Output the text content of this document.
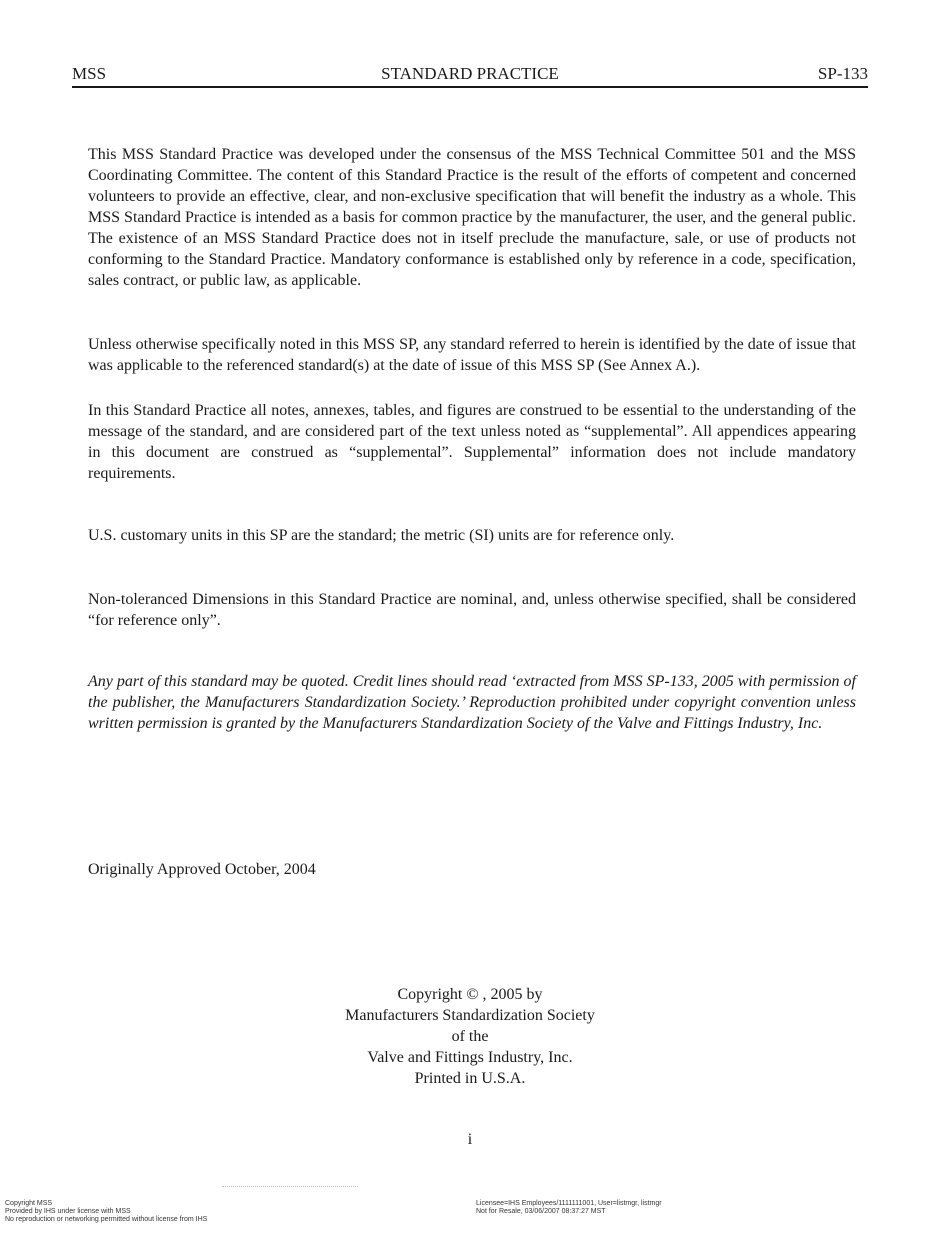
MSS	STANDARD PRACTICE	SP-133

This MSS Standard Practice was developed under the consensus of the MSS Technical Committee 501 and the MSS Coordinating Committee. The content of this Standard Practice is the result of the efforts of competent and concerned volunteers to provide an effective, clear, and non-exclusive specification that will benefit the industry as a whole. This MSS Standard Practice is intended as a basis for common practice by the manufacturer, the user, and the general public. The existence of an MSS Standard Practice does not in itself preclude the manufacture, sale, or use of products not conforming to the Standard Practice. Mandatory conformance is established only by reference in a code, specification, sales contract, or public law, as applicable.

Unless otherwise specifically noted in this MSS SP, any standard referred to herein is identified by the date of issue that was applicable to the referenced standard(s) at the date of issue of this MSS SP (See Annex A.).

In this Standard Practice all notes, annexes, tables, and figures are construed to be essential to the understanding of the message of the standard, and are considered part of the text unless noted as “supplemental”. All appendices appearing in this document are construed as “supplemental”. Supplemental” information does not include mandatory requirements.

U.S. customary units in this SP are the standard; the metric (SI) units are for reference only.

Non-toleranced Dimensions in this Standard Practice are nominal, and, unless otherwise specified, shall be considered “for reference only”.

Any part of this standard may be quoted. Credit lines should read ‘extracted from MSS SP-133, 2005 with permission of the publisher, the Manufacturers Standardization Society.’ Reproduction prohibited under copyright convention unless written permission is granted by the Manufacturers Standardization Society of the Valve and Fittings Industry, Inc.

Originally Approved October, 2004

Copyright © , 2005 by
Manufacturers Standardization Society
of the
Valve and Fittings Industry, Inc.
Printed in U.S.A.
i
Copyright MSS
Provided by IHS under license with MSS
No reproduction or networking permitted without license from IHS
Licensee=IHS Employees/1111111001, User=listmgr, listmgr
Not for Resale, 03/06/2007 08:37:27 MST
